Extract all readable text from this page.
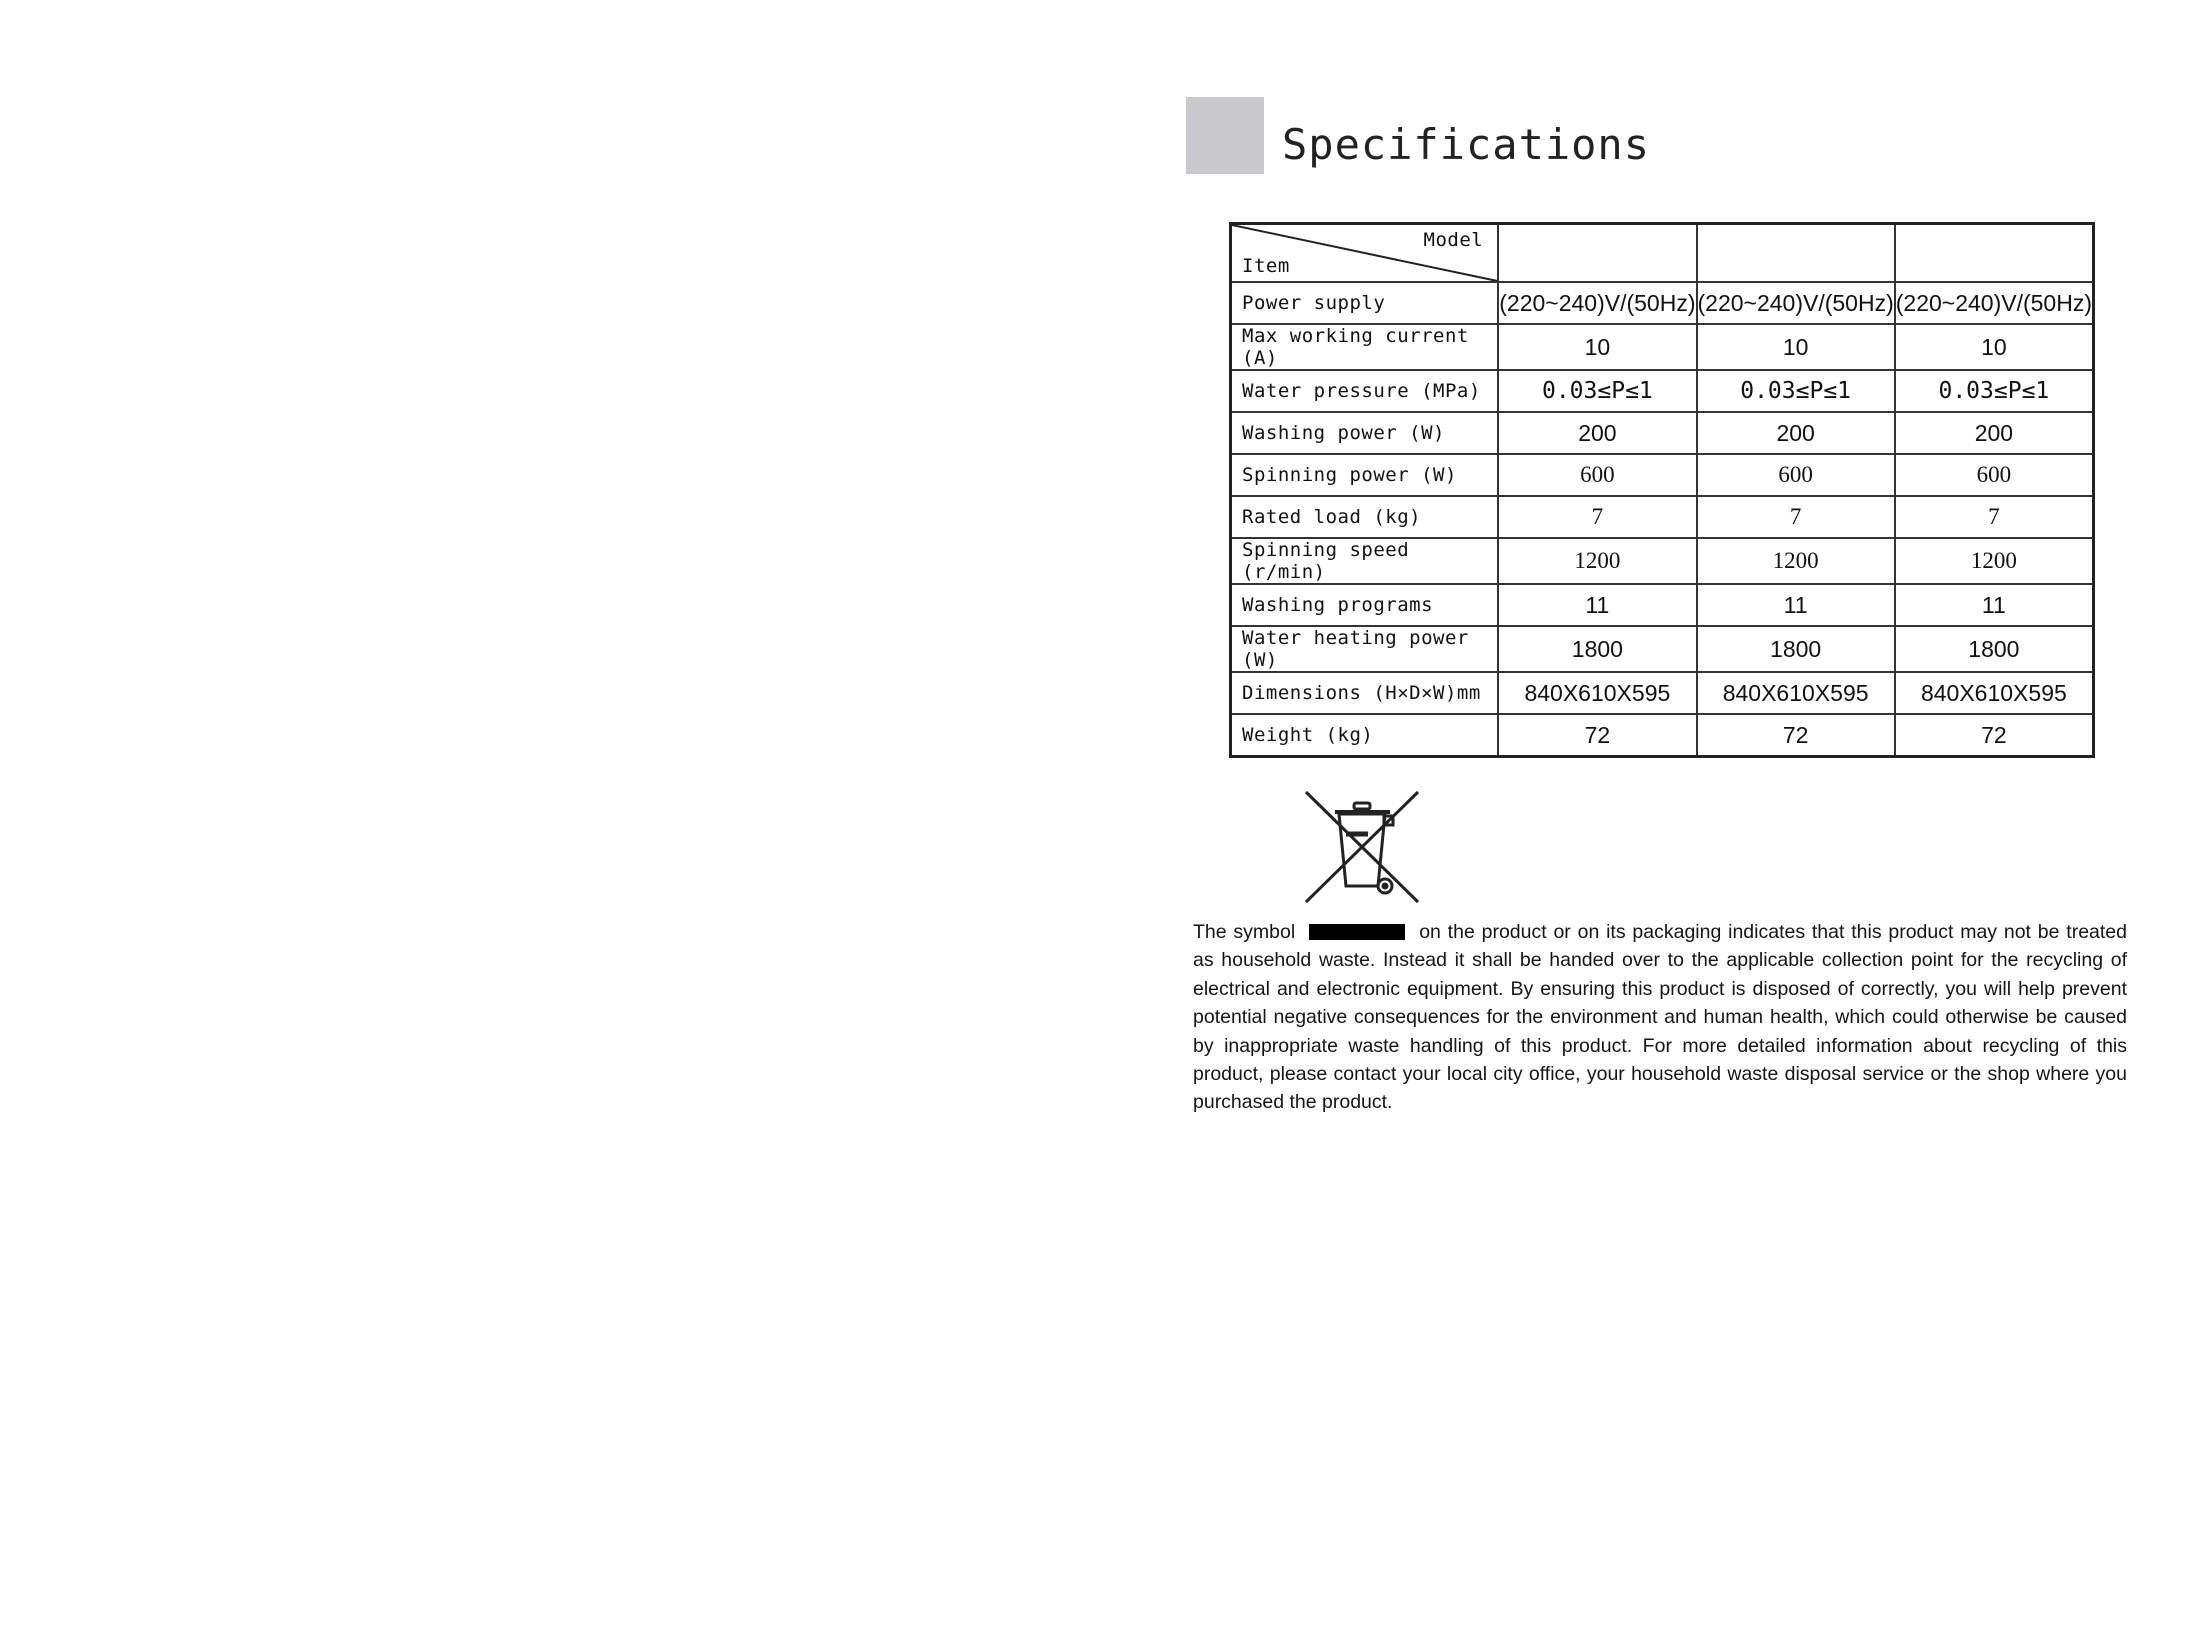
Specifications
Model
Item			

Power supply	(220~240)V/(50Hz)	(220~240)V/(50Hz)	(220~240)V/(50Hz)
Max working current (A)	10	10	10
Water pressure (MPa)	0.03≤P≤1	0.03≤P≤1	0.03≤P≤1
Washing power (W)	200	200	200
Spinning power (W)	600	600	600
Rated load (kg)	7	7	7
Spinning speed (r/min)	1200	1200	1200
Washing programs	11	11	11
Water heating power (W)	1800	1800	1800
Dimensions (H×D×W)mm	840X610X595	840X610X595	840X610X595
Weight (kg)	72	72	72
The symbol	on the product or on its packaging indicates that this product may not be treated as household waste. Instead it shall be handed over to the applicable collection point for the recycling of electrical and electronic equipment. By ensuring this product is disposed of correctly, you will help prevent potential negative consequences for the environment and human health, which could otherwise be caused by inappropriate waste handling of this product. For more detailed information about recycling of this product, please contact your local city office, your household waste disposal service or the shop where you purchased the product.
